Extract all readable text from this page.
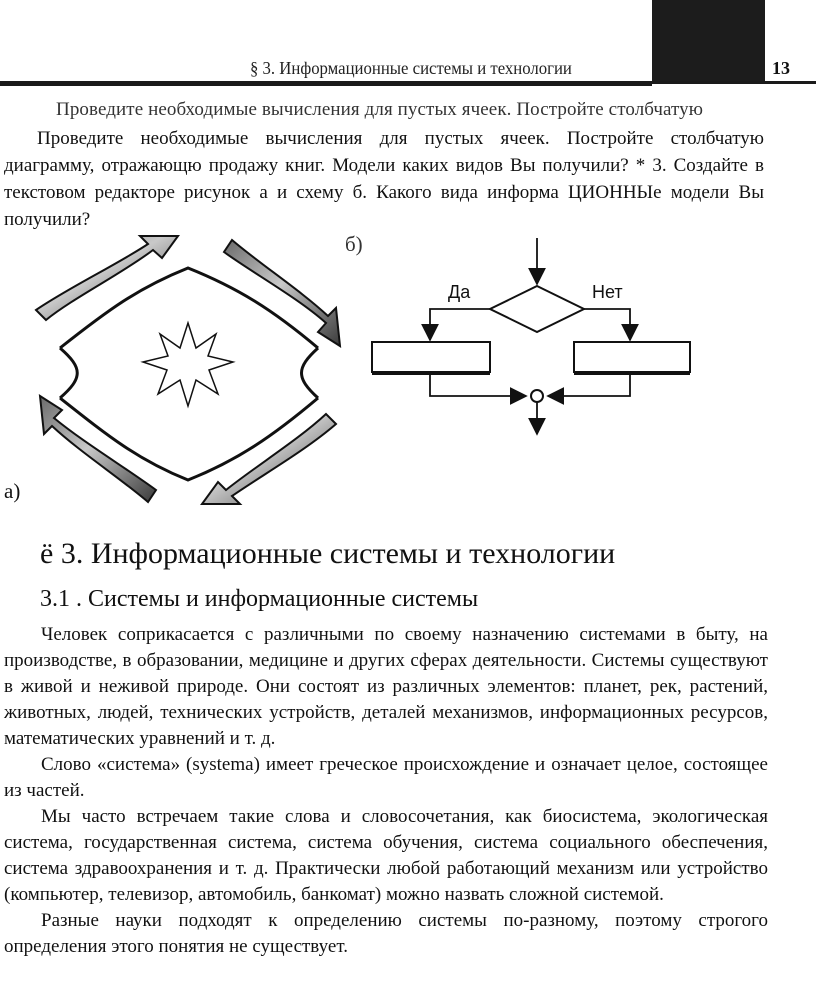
§ 3. Информационные системы и технологии	13
Проведите необходимые вычисления для пустых ячеек. Постройте столбчатую
Проведите необходимые вычисления для пустых ячеек. Постройте столбчатую диаграмму, отражающю продажу книг. Модели каких видов Вы получили? * 3. Создайте в текстовом редакторе рисунок а и схему б. Какого вида информа ЦИОННЫе модели Вы получили?
а)
б)
Да	Нет
ё 3. Информационные системы и технологии
3.1 . Системы и информационные системы

Человек соприкасается с различными по своему назначению системами в быту, на производстве, в образовании, медицине и других сферах деятельности. Системы существуют в живой и неживой природе. Они состоят из различных элементов: планет, рек, растений, животных, людей, технических устройств, деталей механизмов, информационных ресурсов, математических уравнений и т. д.

Слово «система» (systema) имеет греческое происхождение и означает целое, состоящее из частей.

Мы часто встречаем такие слова и словосочетания, как биосистема, экологическая система, государственная система, система обучения, система социального обеспечения, система здравоохранения и т. д. Практически любой работающий механизм или устройство (компьютер, телевизор, автомобиль, банкомат) можно назвать сложной системой.

Разные науки подходят к определению системы по-разному, поэтому строгого определения этого понятия не существует.
